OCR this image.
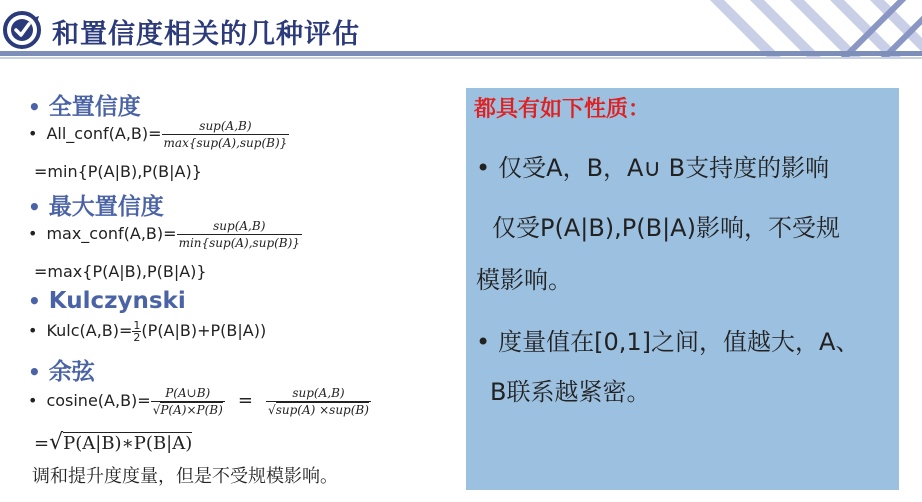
和置信度相关的几种评估
• 全置信度
• All_conf(A,B)= $\frac{\text{sup(A,B)}}{\text{max\{sup(A),sup(B)\}}}$
=min{P(A|B),P(B|A)}
• 最大置信度
• max_conf(A,B)= $\frac{\text{sup(A,B)}}{\text{min\{sup(A),sup(B)\}}}$
=max{P(A|B),P(B|A)}
• Kulczynski
• Kulc(A,B)= $\frac{1}{2} (P(A|B)+P(B|A))$
• 余弦
• $cosine(A,B)= \frac{P(A\cup B)}{√P(A)\times P(B)} = \frac{\text{sup(A,B)}}{\text{√sup(A) ×sup(B)}}$
=√P(A|B)∗P(B|A)
调和提升度度量，但是不受规模影响。
都具有如下性质：
• 仅受A，B，A∪ B支持度的影响
仅受P(A|B),P(B|A)影响，不受规
模影响。
• 度量值在[0,1]之间，值越大，A、
B联系越紧密。
